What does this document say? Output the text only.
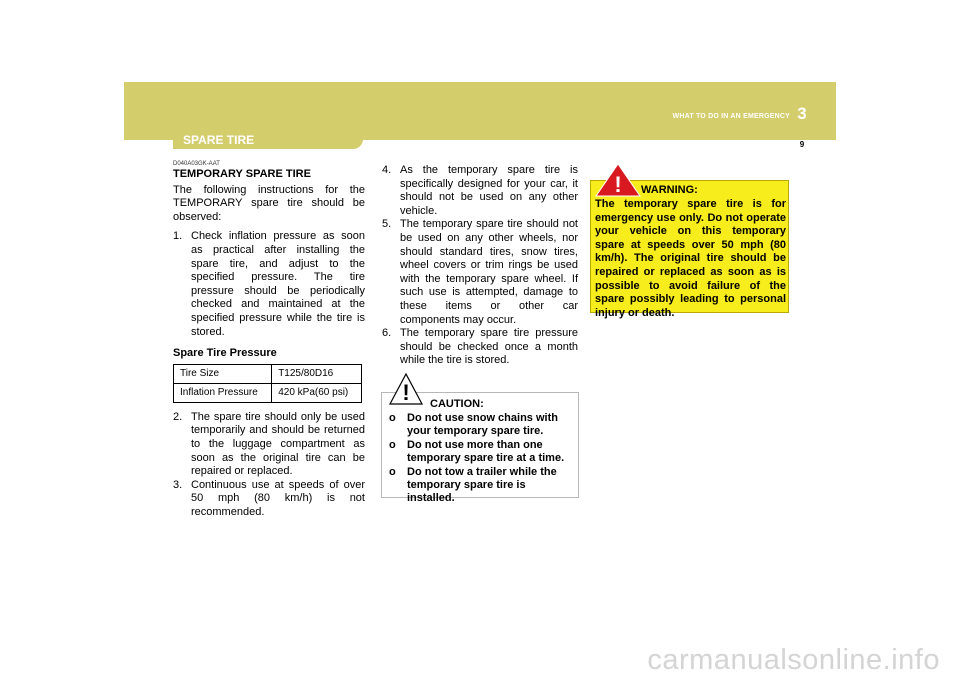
WHAT TO DO IN AN EMERGENCY 3
9
SPARE TIRE
D040A03GK-AAT
TEMPORARY SPARE TIRE

The following instructions for the TEMPORARY spare tire should be observed:

1. Check inflation pressure as soon as practical after installing the spare tire, and adjust to the specified pressure. The tire pressure should be periodically checked and maintained at the specified pressure while the tire is stored.

Spare Tire Pressure
Tire Size	T125/80D16
Inflation Pressure	420 kPa(60 psi)

2. The spare tire should only be used temporarily and should be returned to the luggage compartment as soon as the original tire can be repaired or replaced.

3. Continuous use at speeds of over 50 mph (80 km/h) is not recommended.

4. As the temporary spare tire is specifically designed for your car, it should not be used on any other vehicle.

5. The temporary spare tire should not be used on any other wheels, nor should standard tires, snow tires, wheel covers or trim rings be used with the temporary spare wheel. If such use is attempted, damage to these items or other car components may occur.

6. The temporary spare tire pressure should be checked once a month while the tire is stored.

CAUTION:
o Do not use snow chains with your temporary spare tire.
o Do not use more than one temporary spare tire at a time.
o Do not tow a trailer while the temporary spare tire is installed.
!
WARNING:
The temporary spare tire is for emergency use only. Do not operate your vehicle on this temporary spare at speeds over 50 mph (80 km/h). The original tire should be repaired or replaced as soon as is possible to avoid failure of the spare possibly leading to personal injury or death.
!
carmanualsonline.info
